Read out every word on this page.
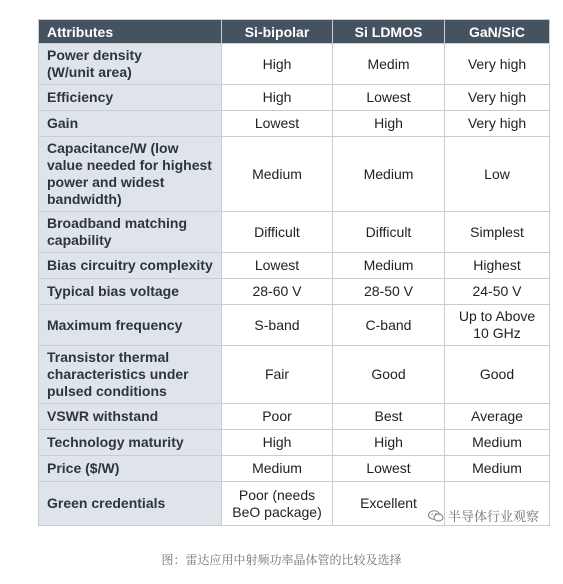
Attributes	Si-bipolar	Si LDMOS	GaN/SiC

Power density
(W/unit area)	High	Medim	Very high

Efficiency	High	Lowest	Very high

Gain	Lowest	High	Very high

Capacitance/W (low
value needed for highest
power and widest
bandwidth)	Medium	Medium	Low

Broadband matching
capability	Difficult	Difficult	Simplest

Bias circuitry complexity	Lowest	Medium	Highest

Typical bias voltage	28-60 V	28-50 V	24-50 V

Maximum frequency	S-band	C-band	Up to Above
10 GHz

Transistor thermal
characteristics under
pulsed conditions	Fair	Good	Good

VSWR withstand	Poor	Best	Average

Technology maturity	High	High	Medium

Price ($/W)	Medium	Lowest	Medium

Green credentials	Poor (needs
BeO package)	Excellent	

半导体行业观察
图：雷达应用中射频功率晶体管的比较及选择
